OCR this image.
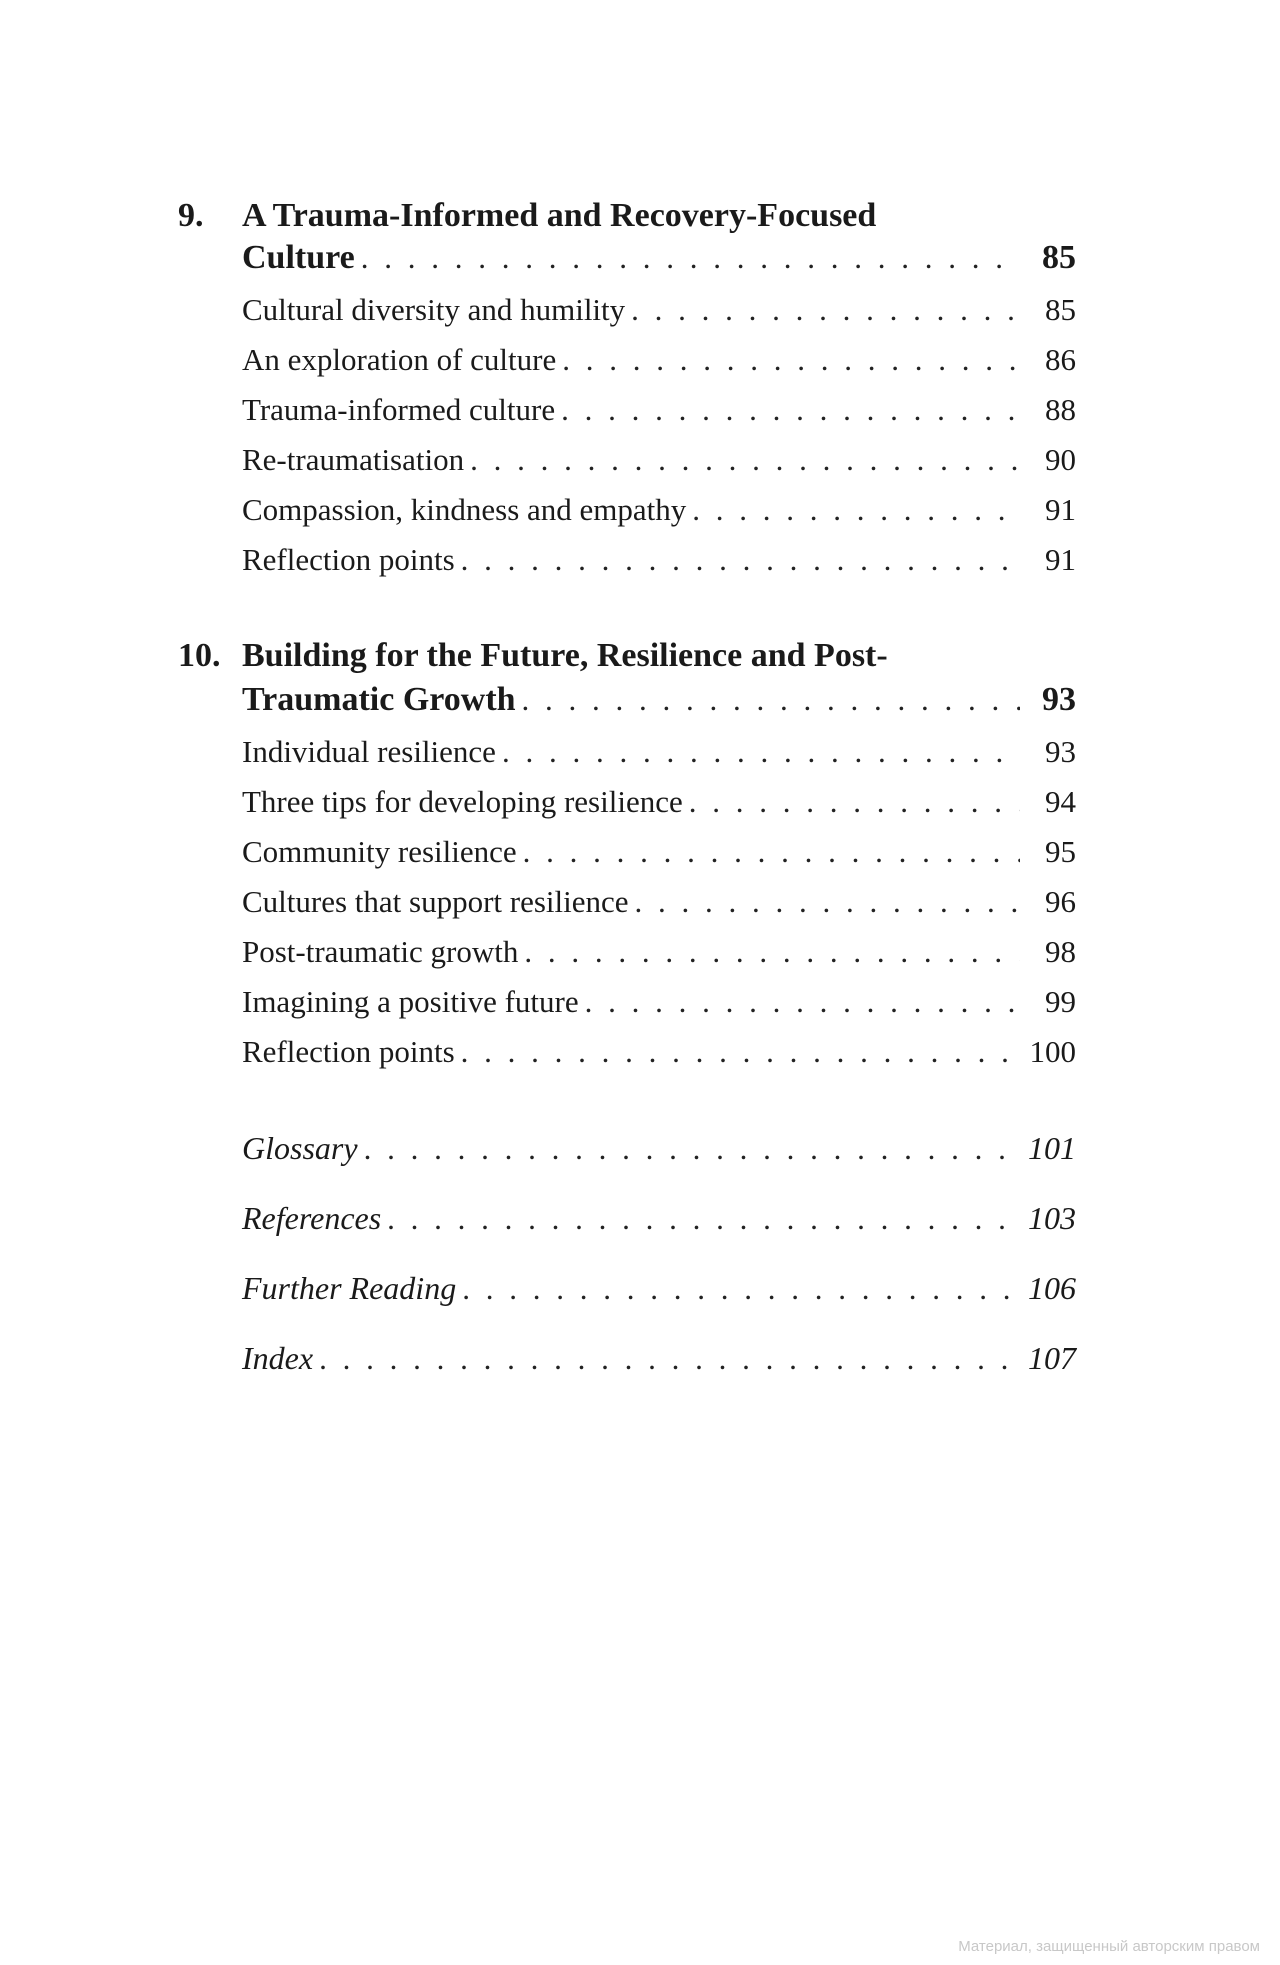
9. A Trauma-Informed and Recovery-Focused
Culture . . .	85
Cultural diversity and humility . . .	85
An exploration of culture . . .	86
Trauma-informed culture . . .	88
Re-traumatisation . . .	90
Compassion, kindness and empathy . . .	91
Reflection points . . .	91
10. Building for the Future, Resilience and Post-
Traumatic Growth . . .	93
Individual resilience . . .	93
Three tips for developing resilience . . .	94
Community resilience . . .	95
Cultures that support resilience . . .	96
Post-traumatic growth . . .	98
Imagining a positive future . . .	99
Reflection points . . .	100
Glossary . . .	101
References . . .	103
Further Reading . . .	106
Index . . .	107
Материал, защищенный авторским правом
